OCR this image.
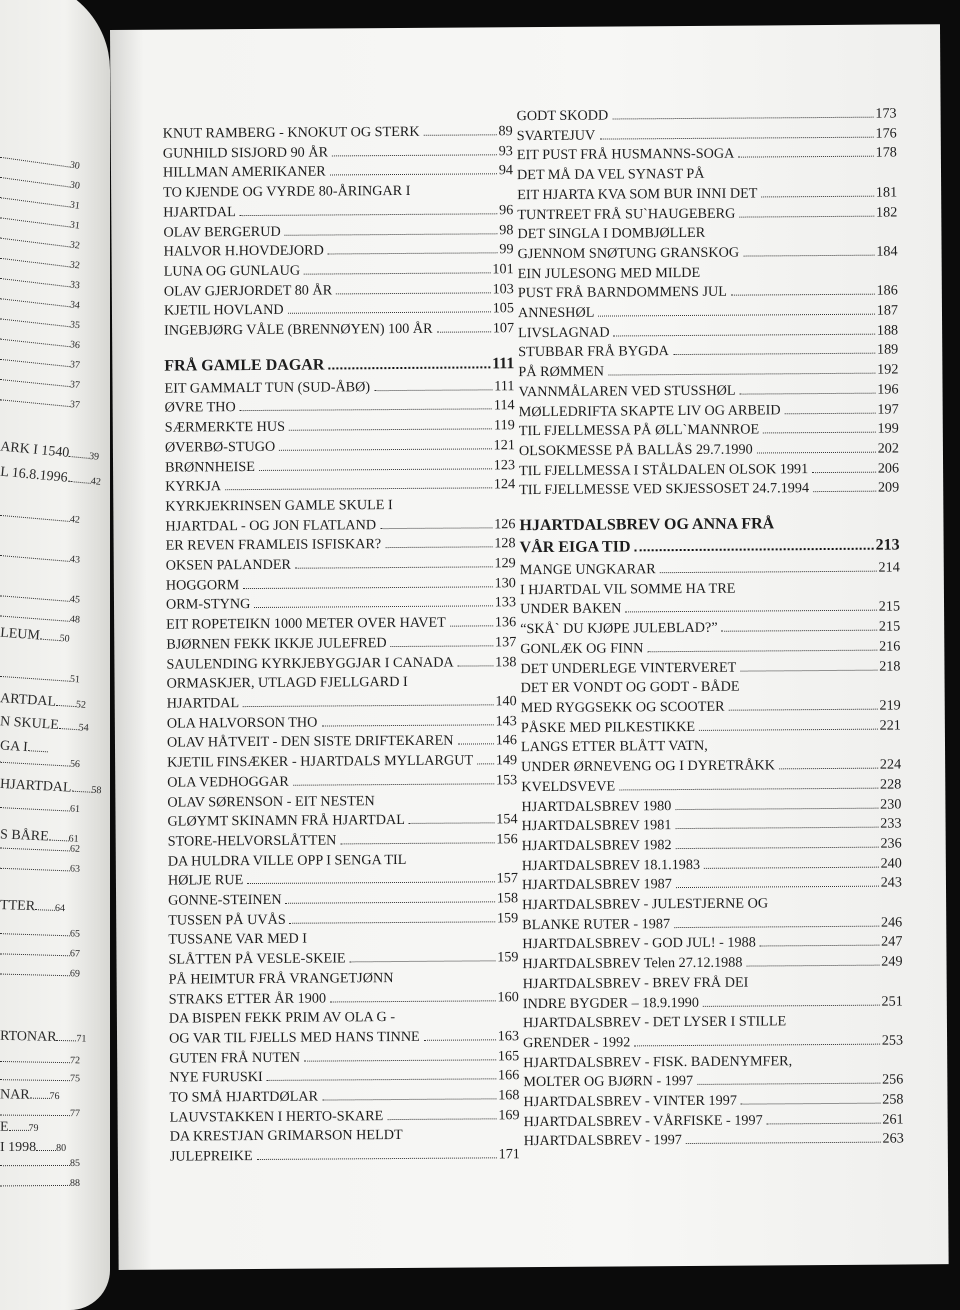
30
30
31
31
32
32
33
34
35
36
37
37
37
ARK I 1540 39
L 16.8.1996. 42
42
43
45
48
LEUM 50
51
ARTDAL 52
N SKULE 54
GA I
56
HJARTDAL 58
61
S BÅRE 61
62
63
TTER 64
65
67
69
RTONAR 71
72
75
NAR 76
77
E 79
I 1998 80
85
88
KNUT RAMBERG - KNOKUT OG STERK	89
GUNHILD SISJORD 90 ÅR	93
HILLMAN AMERIKANER	94
TO KJENDE OG VYRDE 80-ÅRINGAR I
HJARTDAL	96
OLAV BERGERUD	98
HALVOR H.HOVDEJORD	99
LUNA OG GUNLAUG	101
OLAV GJERJORDET 80 ÅR	103
KJETIL HOVLAND	105
INGEBJØRG VÅLE (BRENNØYEN) 100 ÅR	107
FRÅ GAMLE DAGAR	111
EIT GAMMALT TUN (SUD-ÅBØ)	111
ØVRE THO	114
SÆRMERKTE HUS	119
ØVERBØ-STUGO	121
BRØNNHEISE	123
KYRKJA	124
KYRKJEKRINSEN GAMLE SKULE I
HJARTDAL - OG JON FLATLAND	126
ER REVEN FRAMLEIS ISFISKAR?	128
OKSEN PALANDER	129
HOGGORM	130
ORM-STYNG	133
EIT ROPETEIKN 1000 METER OVER HAVET	136
BJØRNEN FEKK IKKJE JULEFRED	137
SAULENDING KYRKJEBYGGJAR I CANADA	138
ORMASKJER, UTLAGD FJELLGARD I
HJARTDAL	140
OLA HALVORSON THO	143
OLAV HÅTVEIT - DEN SISTE DRIFTEKAREN	146
KJETIL FINSÆKER - HJARTDALS MYLLARGUT 149
OLA VEDHOGGAR	153
OLAV SØRENSON - EIT NESTEN
GLØYMT SKINAMN FRÅ HJARTDAL	154
STORE-HELVORSLÅTTEN	156
DA HULDRA VILLE OPP I SENGA TIL
HØLJE RUE	157
GONNE-STEINEN	158
TUSSEN PÅ UVÅS	159
TUSSANE VAR MED I
SLÅTTEN PÅ VESLE-SKEIE	159
PÅ HEIMTUR FRÅ VRANGETJØNN
STRAKS ETTER ÅR 1900	160
DA BISPEN FEKK PRIM AV OLA G -
OG VAR TIL FJELLS MED HANS TINNE	163
GUTEN FRÅ NUTEN	165
NYE FURUSKI	166
TO SMÅ HJARTDØLAR	168
LAUVSTAKKEN I HERTO-SKARE	169
DA KRESTJAN GRIMARSON HELDT
JULEPREIKE	171
GODT SKODD	173
SVARTEJUV	176
EIT PUST FRÅ HUSMANNS-SOGA	178
DET MÅ DA VEL SYNAST PÅ
EIT HJARTA KVA SOM BUR INNI DET	181
TUNTREET FRÅ SU`HAUGEBERG	182
DET SINGLA I DOMBJØLLER
GJENNOM SNØTUNG GRANSKOG	184
EIN JULESONG MED MILDE
PUST FRÅ BARNDOMMENS JUL	186
ANNESHØL	187
LIVSLAGNAD	188
STUBBAR FRÅ BYGDA	189
PÅ RØMMEN	192
VANNMÅLAREN VED STUSSHØL	196
MØLLEDRIFTA SKAPTE LIV OG ARBEID	197
TIL FJELLMESSA PÅ ØLL`MANNROE	199
OLSOKMESSE PÅ BALLÅS 29.7.1990	202
TIL FJELLMESSA I STÅLDALEN OLSOK 1991	206
TIL FJELLMESSE VED SKJESSOSET 24.7.1994	209
HJARTDALSBREV OG ANNA FRÅ
VÅR EIGA TID	213
MANGE UNGKARAR	214
I HJARTDAL VIL SOMME HA TRE
UNDER BAKEN	215
“SKÅ` DU KJØPE JULEBLAD?”	215
GONLÆK OG FINN	216
DET UNDERLEGE VINTERVERET	218
DET ER VONDT OG GODT - BÅDE
MED RYGGSEKK OG SCOOTER	219
PÅSKE MED PILKESTIKKE	221
LANGS ETTER BLÅTT VATN,
UNDER ØRNEVENG OG I DYRETRÅKK	224
KVELDSVEVE	228
HJARTDALSBREV 1980	230
HJARTDALSBREV 1981	233
HJARTDALSBREV 1982	236
HJARTDALSBREV 18.1.1983	240
HJARTDALSBREV 1987	243
HJARTDALSBREV - JULESTJERNE OG
BLANKE RUTER - 1987	246
HJARTDALSBREV - GOD JUL! - 1988	247
HJARTDALSBREV Telen 27.12.1988	249
HJARTDALSBREV - BREV FRÅ DEI
INDRE BYGDER – 18.9.1990	251
HJARTDALSBREV - DET LYSER I STILLE
GRENDER - 1992	253
HJARTDALSBREV - FISK. BADENYMFER,
MOLTER OG BJØRN - 1997	256
HJARTDALSBREV - VINTER 1997	258
HJARTDALSBREV - VÅRFISKE - 1997	261
HJARTDALSBREV - 1997	263
